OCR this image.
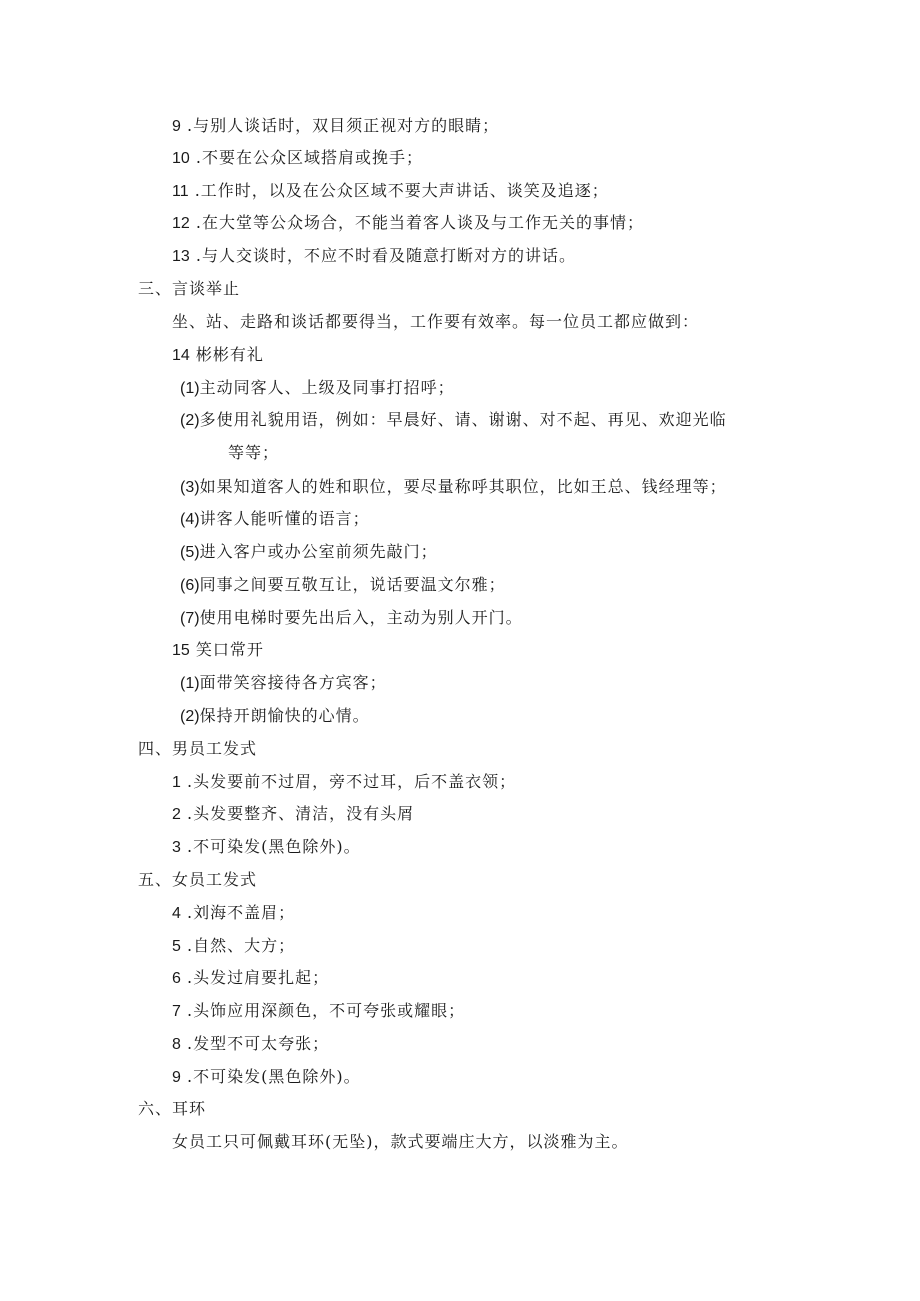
9 .与别人谈话时，双目须正视对方的眼睛；
10 .不要在公众区域搭肩或挽手；
11 .工作时，以及在公众区域不要大声讲话、谈笑及追逐；
12 .在大堂等公众场合，不能当着客人谈及与工作无关的事情；
13 .与人交谈时，不应不时看及随意打断对方的讲话。
三、言谈举止
坐、站、走路和谈话都要得当，工作要有效率。每一位员工都应做到：
14 彬彬有礼
(1)主动同客人、上级及同事打招呼；
(2)多使用礼貌用语，例如：早晨好、请、谢谢、对不起、再见、欢迎光临
等等；
(3)如果知道客人的姓和职位，要尽量称呼其职位，比如王总、钱经理等；
(4)讲客人能听懂的语言；
(5)进入客户或办公室前须先敲门；
(6)同事之间要互敬互让，说话要温文尔雅；
(7)使用电梯时要先出后入，主动为别人开门。
15 笑口常开
(1)面带笑容接待各方宾客；
(2)保持开朗愉快的心情。
四、男员工发式
1 .头发要前不过眉，旁不过耳，后不盖衣领；
2 .头发要整齐、清洁，没有头屑
3 .不可染发(黑色除外)。
五、女员工发式
4 .刘海不盖眉；
5 .自然、大方；
6 .头发过肩要扎起；
7 .头饰应用深颜色，不可夸张或耀眼；
8 .发型不可太夸张；
9 .不可染发(黑色除外)。
六、耳环
女员工只可佩戴耳环(无坠)，款式要端庄大方，以淡雅为主。
